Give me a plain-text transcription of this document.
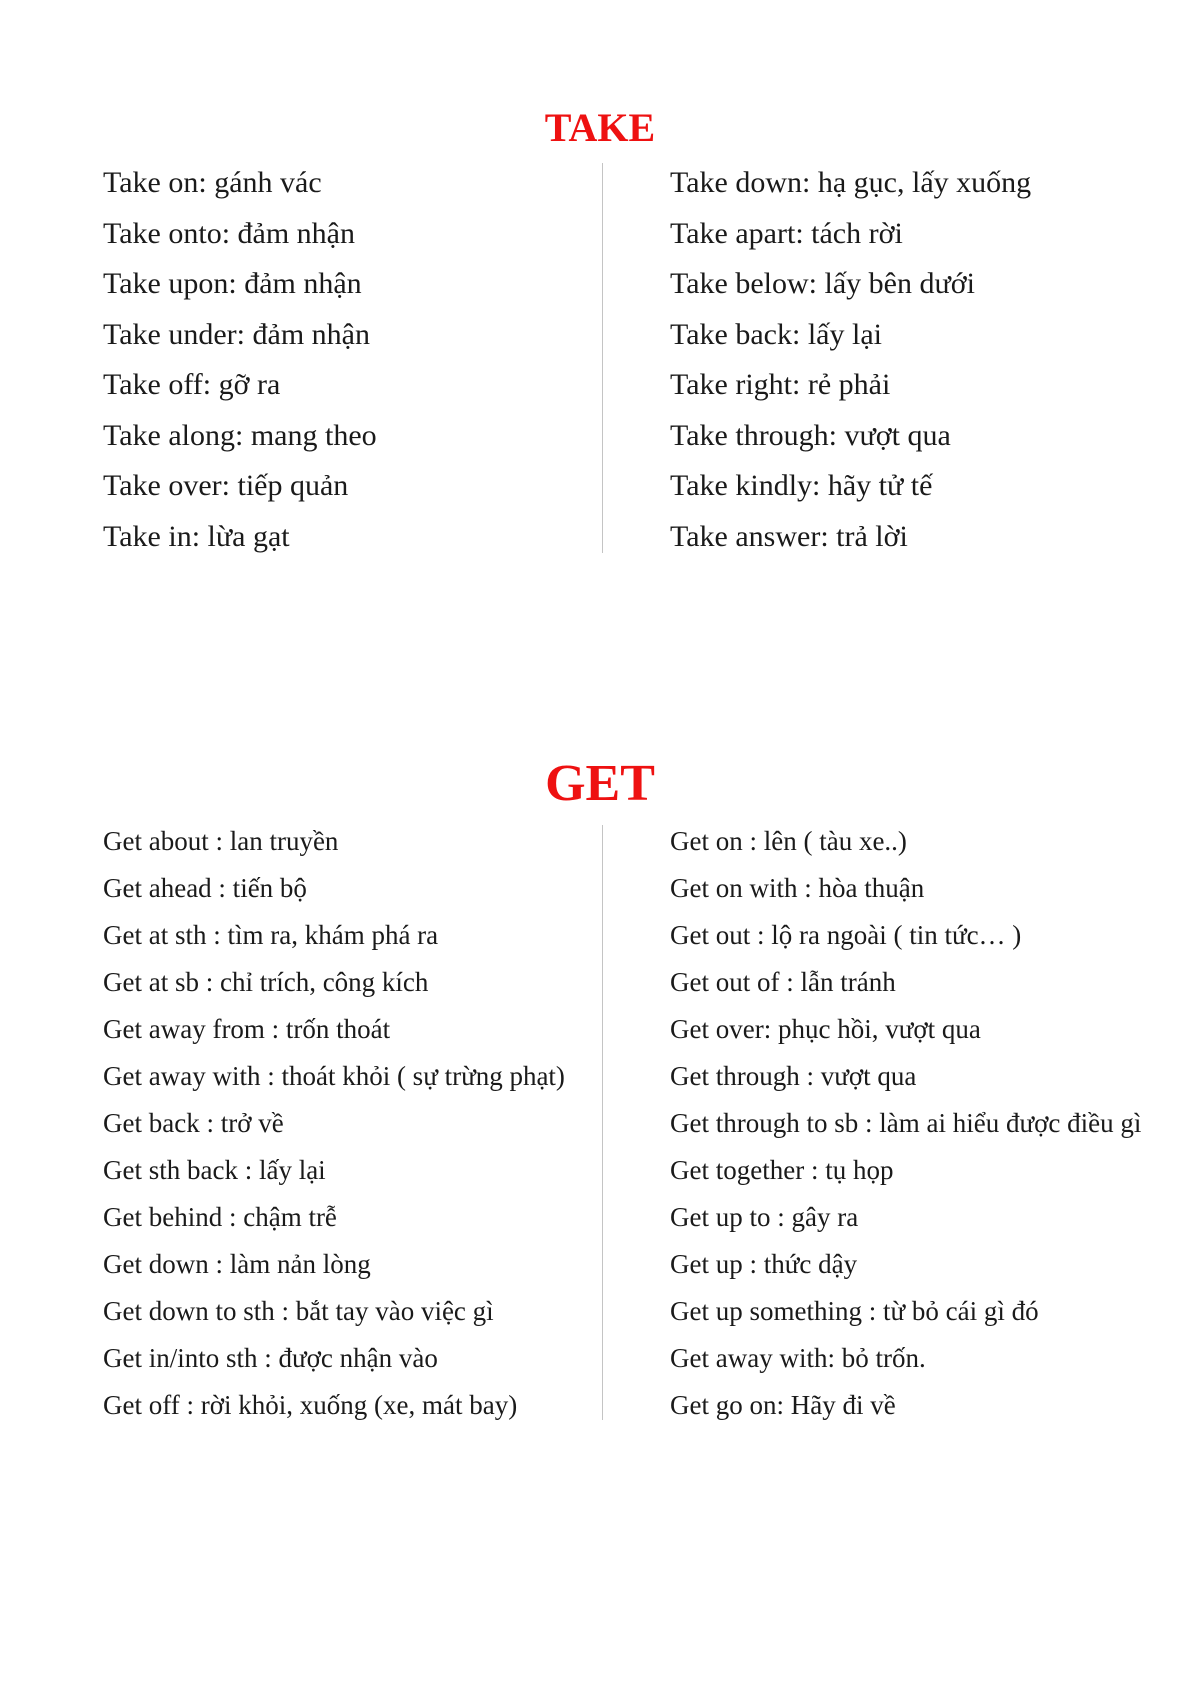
TAKE
Take on: gánh vác
Take onto: đảm nhận
Take upon: đảm nhận
Take under: đảm nhận
Take off: gỡ ra
Take along: mang theo
Take over: tiếp quản
Take in: lừa gạt
Take down: hạ gục, lấy xuống
Take apart: tách rời
Take below: lấy bên dưới
Take back: lấy lại
Take right: rẻ phải
Take through: vượt qua
Take kindly: hãy tử tế
Take answer: trả lời
GET
Get about : lan truyền
Get ahead : tiến bộ
Get at sth : tìm ra, khám phá ra
Get at sb : chỉ trích, công kích
Get away from : trốn thoát
Get away with : thoát khỏi ( sự trừng phạt)
Get back : trở về
Get sth back : lấy lại
Get behind : chậm trễ
Get down : làm nản lòng
Get down to sth : bắt tay vào việc gì
Get in/into sth : được nhận vào
Get off : rời khỏi, xuống (xe, mát bay)
Get on : lên ( tàu xe..)
Get on with : hòa thuận
Get out : lộ ra ngoài ( tin tức… )
Get out of : lẫn tránh
Get over: phục hồi, vượt qua
Get through : vượt qua
Get through to sb : làm ai hiểu được điều gì
Get together : tụ họp
Get up to : gây ra
Get up : thức dậy
Get up something : từ bỏ cái gì đó
Get away with: bỏ trốn.
Get go on: Hãy đi về
